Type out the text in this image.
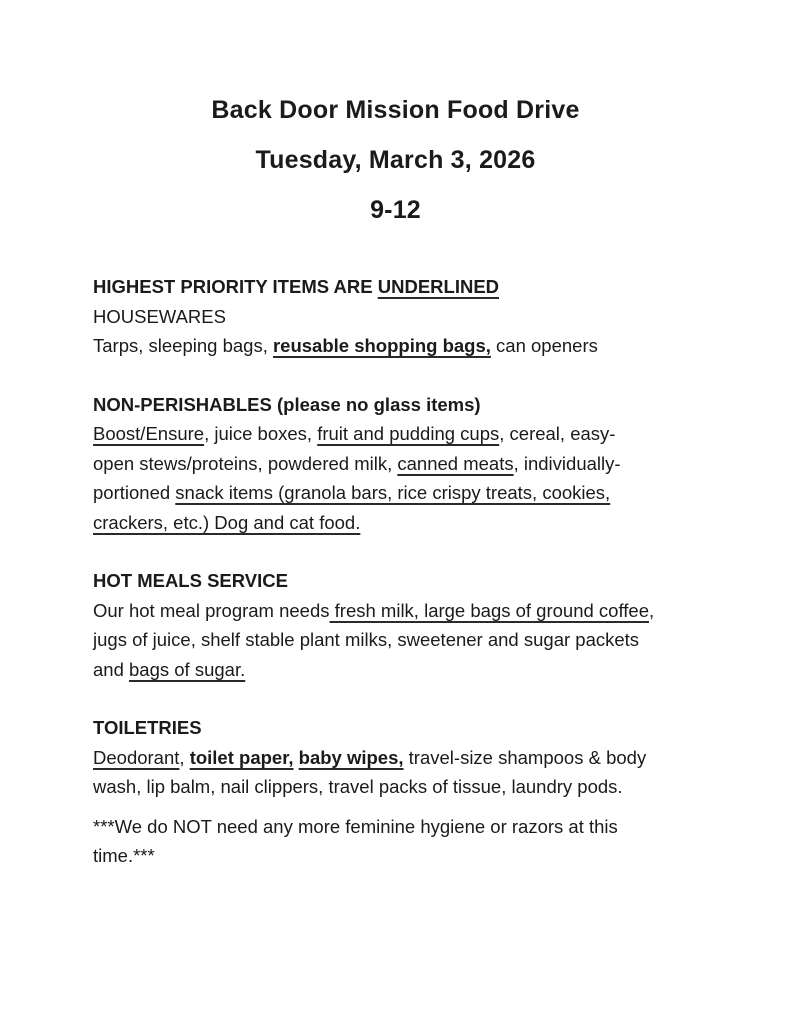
Back Door Mission Food Drive
Tuesday, March 3, 2026
9-12
HIGHEST PRIORITY ITEMS ARE UNDERLINED
HOUSEWARES
Tarps, sleeping bags, reusable shopping bags, can openers
NON-PERISHABLES (please no glass items)
Boost/Ensure, juice boxes, fruit and pudding cups, cereal, easy-
open stews/proteins, powdered milk, canned meats, individually-
portioned snack items (granola bars, rice crispy treats, cookies,
crackers, etc.) Dog and cat food.
HOT MEALS SERVICE
Our hot meal program needs fresh milk, large bags of ground coffee,
jugs of juice, shelf stable plant milks, sweetener and sugar packets
and bags of sugar.
TOILETRIES
Deodorant, toilet paper, baby wipes, travel-size shampoos & body
wash, lip balm, nail clippers, travel packs of tissue, laundry pods.
***We do NOT need any more feminine hygiene or razors at this
time.***
